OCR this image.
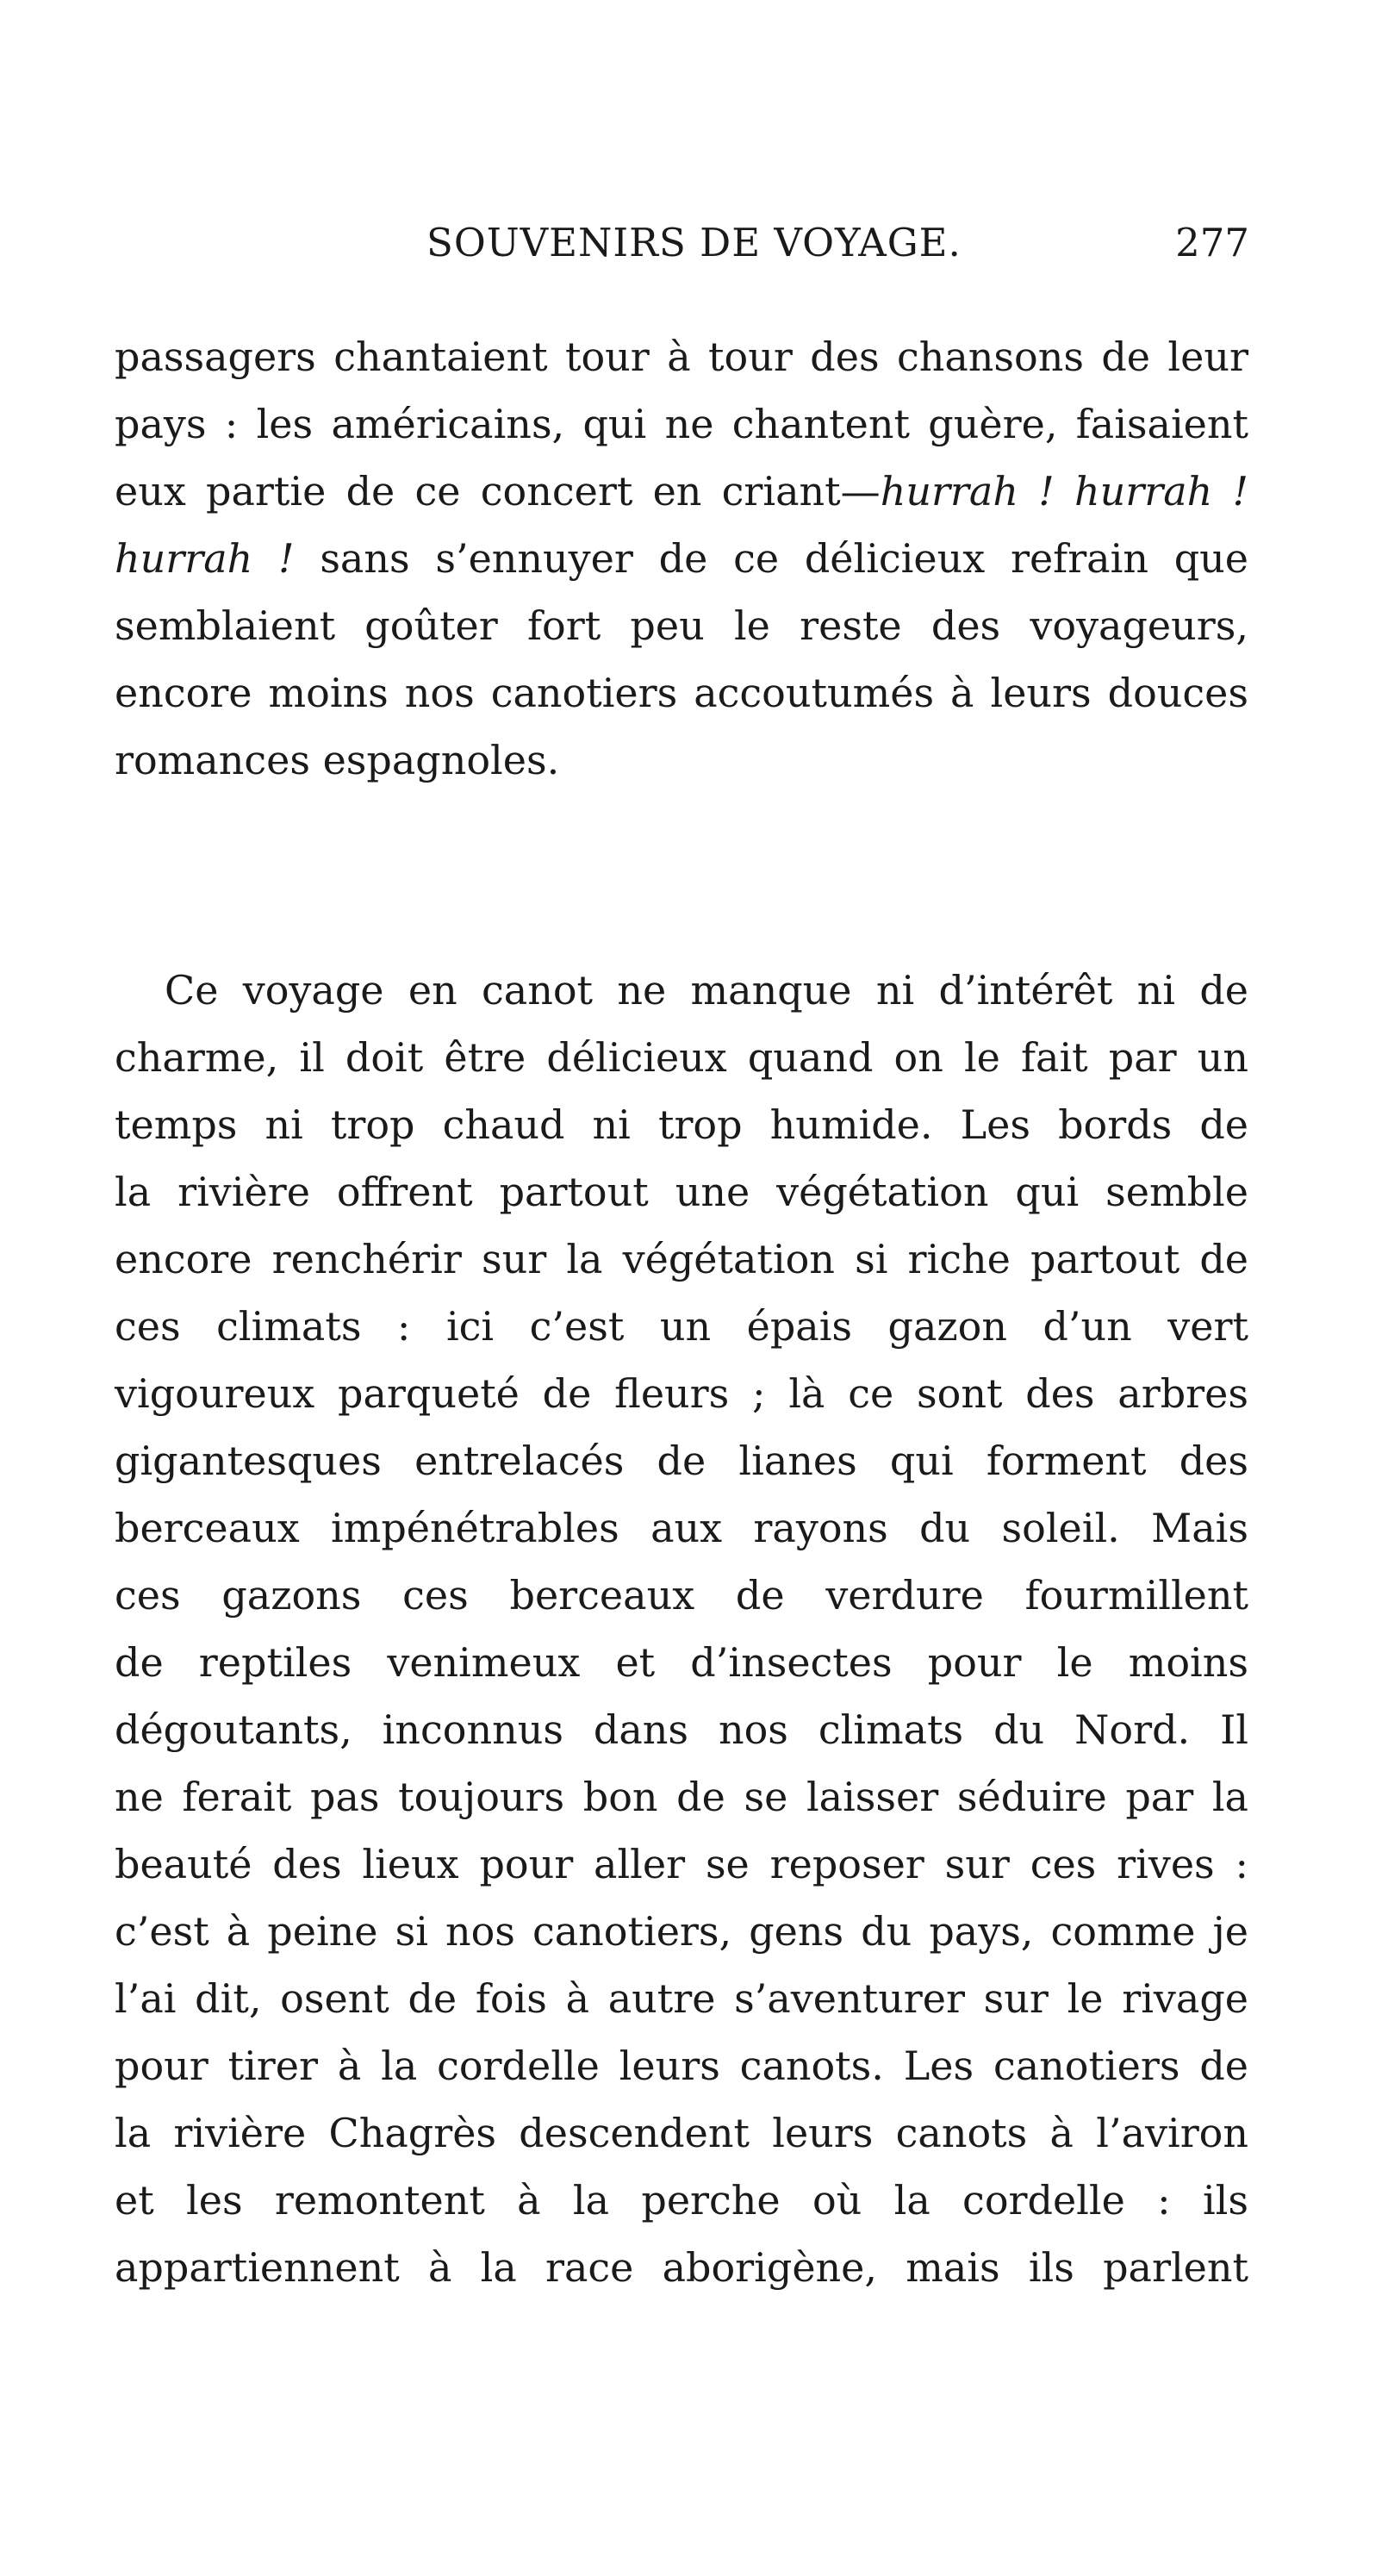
SOUVENIRS DE VOYAGE.	277
passagers chantaient tour à tour des chansons de leur
pays : les américains, qui ne chantent guère, faisaient
eux partie de ce concert en criant—hurrah ! hurrah !
hurrah ! sans s’ennuyer de ce délicieux refrain que
semblaient goûter fort peu le reste des voyageurs,
encore moins nos canotiers accoutumés à leurs douces
romances espagnoles.
Ce voyage en canot ne manque ni d’intérêt ni de
charme, il doit être délicieux quand on le fait par un
temps ni trop chaud ni trop humide. Les bords de
la rivière offrent partout une végétation qui semble
encore renchérir sur la végétation si riche partout de
ces climats : ici c’est un épais gazon d’un vert
vigoureux parqueté de fleurs ; là ce sont des arbres
gigantesques entrelacés de lianes qui forment des
berceaux impénétrables aux rayons du soleil. Mais
ces gazons ces berceaux de verdure fourmillent
de reptiles venimeux et d’insectes pour le moins
dégoutants, inconnus dans nos climats du Nord. Il
ne ferait pas toujours bon de se laisser séduire par la
beauté des lieux pour aller se reposer sur ces rives :
c’est à peine si nos canotiers, gens du pays, comme je
l’ai dit, osent de fois à autre s’aventurer sur le rivage
pour tirer à la cordelle leurs canots. Les canotiers de
la rivière Chagrès descendent leurs canots à l’aviron
et les remontent à la perche où la cordelle : ils
appartiennent à la race aborigène, mais ils parlent
